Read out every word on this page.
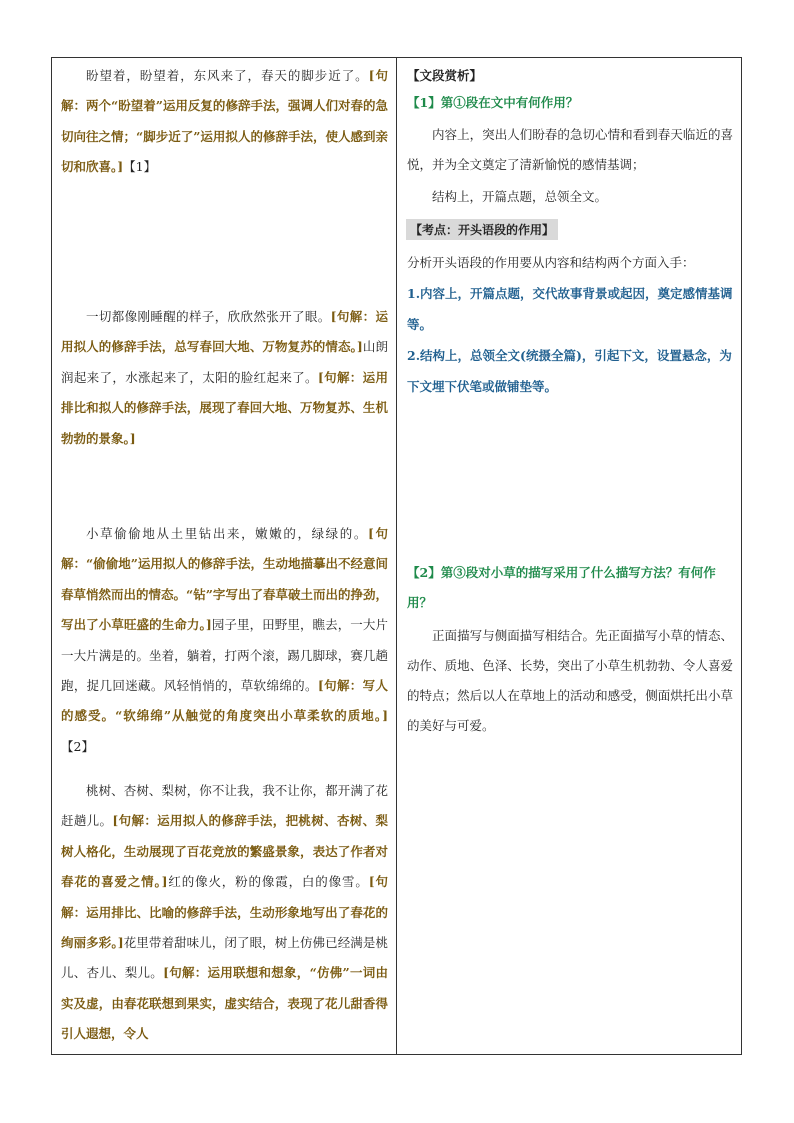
盼望着，盼望着，东风来了，春天的脚步近了。[句解：两个“盼望着”运用反复的修辞手法，强调人们对春的急切向往之情；“脚步近了”运用拟人的修辞手法，使人感到亲切和欣喜。]【1】

一切都像刚睡醒的样子，欣欣然张开了眼。[句解：运用拟人的修辞手法，总写春回大地、万物复苏的情态。]山朗润起来了，水涨起来了，太阳的脸红起来了。[句解：运用排比和拟人的修辞手法，展现了春回大地、万物复苏、生机勃勃的景象。]

小草偷偷地从土里钻出来，嫩嫩的，绿绿的。[句解：“偷偷地”运用拟人的修辞手法，生动地描摹出不经意间春草悄然而出的情态。“钻”字写出了春草破土而出的挣劲，写出了小草旺盛的生命力。]园子里，田野里，瞧去，一大片一大片满是的。坐着，躺着，打两个滚，踢几脚球，赛几趟跑，捉几回迷藏。风轻悄悄的，草软绵绵的。[句解：写人的感受。“软绵绵”从触觉的角度突出小草柔软的质地。]【2】

桃树、杏树、梨树，你不让我，我不让你，都开满了花赶趟儿。[句解：运用拟人的修辞手法，把桃树、杏树、梨树人格化，生动展现了百花竞放的繁盛景象，表达了作者对春花的喜爱之情。]红的像火，粉的像霞，白的像雪。[句解：运用排比、比喻的修辞手法，生动形象地写出了春花的绚丽多彩。]花里带着甜味儿，闭了眼，树上仿佛已经满是桃儿、杏儿、梨儿。[句解：运用联想和想象，“仿佛”一词由实及虚，由春花联想到果实，虚实结合，表现了花儿甜香得引人遐想，令人

【文段赏析】

【1】第①段在文中有何作用？

内容上，突出人们盼春的急切心情和看到春天临近的喜悦，并为全文奠定了清新愉悦的感情基调；

结构上，开篇点题，总领全文。

【考点：开头语段的作用】

分析开头语段的作用要从内容和结构两个方面入手：

1.内容上，开篇点题，交代故事背景或起因，奠定感情基调等。

2.结构上，总领全文(统摄全篇)，引起下文，设置悬念，为下文埋下伏笔或做铺垫等。

【2】第③段对小草的描写采用了什么描写方法？有何作用？

正面描写与侧面描写相结合。先正面描写小草的情态、动作、质地、色泽、长势，突出了小草生机勃勃、令人喜爱的特点；然后以人在草地上的活动和感受，侧面烘托出小草的美好与可爱。
